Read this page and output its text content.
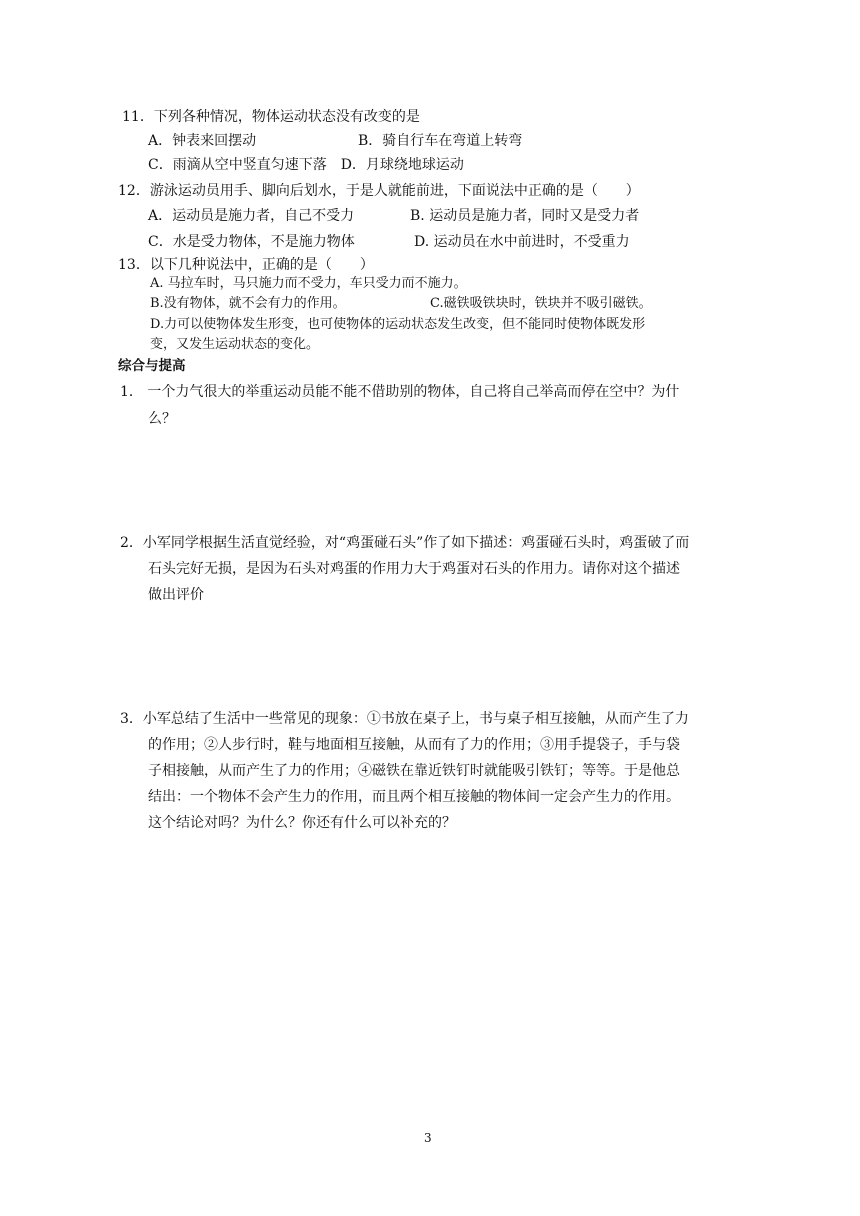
11．下列各种情况，物体运动状态没有改变的是
A．钟表来回摆动	B．骑自行车在弯道上转弯
C．雨滴从空中竖直匀速下落　D．月球绕地球运动
12．游泳运动员用手、脚向后划水，于是人就能前进，下面说法中正确的是（　　）
A．运动员是施力者，自己不受力	B. 运动员是施力者，同时又是受力者
C．水是受力物体，不是施力物体	D. 运动员在水中前进时，不受重力
13．以下几种说法中，正确的是（　　）
A. 马拉车时，马只施力而不受力，车只受力而不施力。
B.没有物体，就不会有力的作用。	C.磁铁吸铁块时，铁块并不吸引磁铁。
D.力可以使物体发生形变，也可使物体的运动状态发生改变，但不能同时使物体既发形
变，又发生运动状态的变化。
综合与提高
1． 一个力气很大的举重运动员能不能不借助别的物体，自己将自己举高而停在空中？为什
么？
2．小军同学根据生活直觉经验，对“鸡蛋碰石头”作了如下描述：鸡蛋碰石头时，鸡蛋破了而
石头完好无损，是因为石头对鸡蛋的作用力大于鸡蛋对石头的作用力。请你对这个描述
做出评价
3．小军总结了生活中一些常见的现象：①书放在桌子上，书与桌子相互接触，从而产生了力
的作用；②人步行时，鞋与地面相互接触，从而有了力的作用；③用手提袋子，手与袋
子相接触，从而产生了力的作用；④磁铁在靠近铁钉时就能吸引铁钉；等等。于是他总
结出：一个物体不会产生力的作用，而且两个相互接触的物体间一定会产生力的作用。
这个结论对吗？为什么？你还有什么可以补充的？
3
